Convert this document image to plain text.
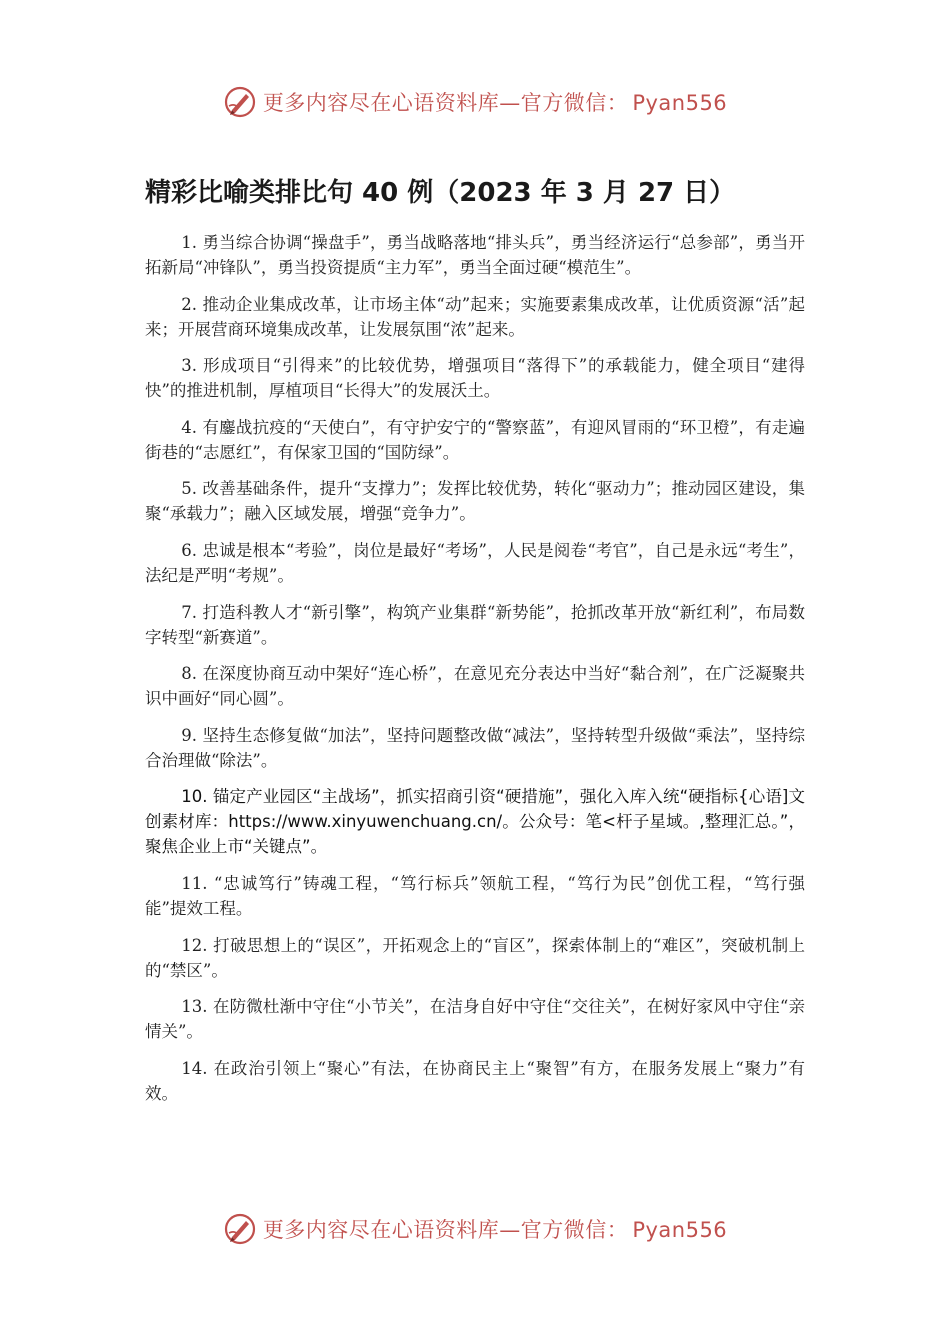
更多内容尽在心语资料库—官方微信： Pyan556
精彩比喻类排比句 40 例（2023 年 3 月 27 日）

1. 勇当综合协调“操盘手”，勇当战略落地“排头兵”，勇当经济运行“总参部”，勇当开拓新局“冲锋队”，勇当投资提质“主力军”，勇当全面过硬“模范生”。

2. 推动企业集成改革，让市场主体“动”起来；实施要素集成改革，让优质资源“活”起来；开展营商环境集成改革，让发展氛围“浓”起来。

3. 形成项目“引得来”的比较优势，增强项目“落得下”的承载能力，健全项目“建得快”的推进机制，厚植项目“长得大”的发展沃土。

4. 有鏖战抗疫的“天使白”，有守护安宁的“警察蓝”，有迎风冒雨的“环卫橙”，有走遍街巷的“志愿红”，有保家卫国的“国防绿”。

5. 改善基础条件，提升“支撑力”；发挥比较优势，转化“驱动力”；推动园区建设，集聚“承载力”；融入区域发展，增强“竞争力”。

6. 忠诚是根本“考验”，岗位是最好“考场”，人民是阅卷“考官”，自己是永远“考生”，法纪是严明“考规”。

7. 打造科教人才“新引擎”，构筑产业集群“新势能”，抢抓改革开放“新红利”，布局数字转型“新赛道”。

8. 在深度协商互动中架好“连心桥”，在意见充分表达中当好“黏合剂”，在广泛凝聚共识中画好“同心圆”。

9. 坚持生态修复做“加法”，坚持问题整改做“减法”，坚持转型升级做“乘法”，坚持综合治理做“除法”。

10. 锚定产业园区“主战场”，抓实招商引资“硬措施”，强化入库入统“硬指标{心语]文创素材库：https://www.xinyuwenchuang.cn/。公众号：笔<杆子星域。,整理汇总。”，聚焦企业上市“关键点”。

11. “忠诚笃行”铸魂工程，“笃行标兵”领航工程，“笃行为民”创优工程，“笃行强能”提效工程。

12. 打破思想上的“误区”，开拓观念上的“盲区”，探索体制上的“难区”，突破机制上的“禁区”。

13. 在防微杜渐中守住“小节关”，在洁身自好中守住“交往关”，在树好家风中守住“亲情关”。

14. 在政治引领上“聚心”有法，在协商民主上“聚智”有方，在服务发展上“聚力”有效。

更多内容尽在心语资料库—官方微信： Pyan556
